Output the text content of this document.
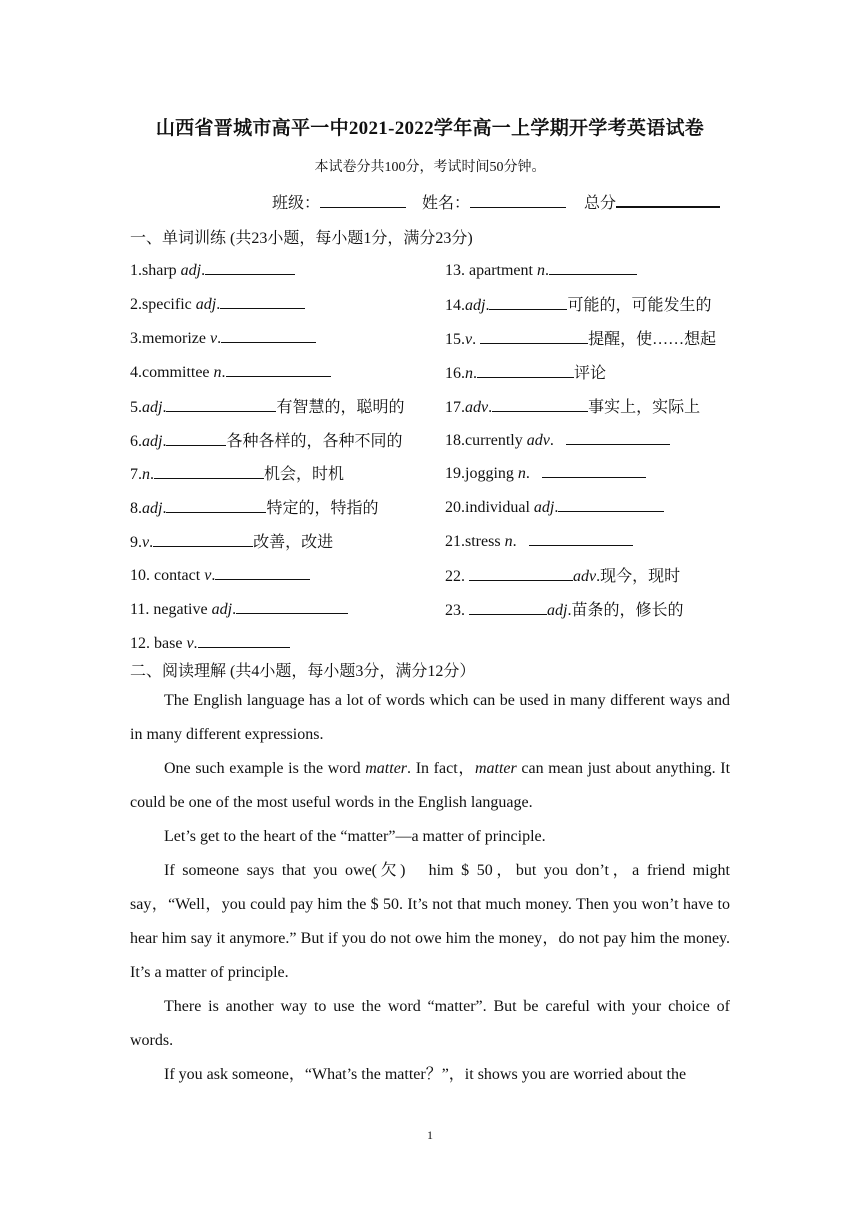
山西省晋城市高平一中2021-2022学年高一上学期开学考英语试卷
本试卷分共100分，考试时间50分钟。
班级：	姓名：	总分
一、单词训练 (共23小题，每小题1分，满分23分)
1.sharp adj.
2.specific adj.
3.memorize v.
4.committee n.
5.adj.	有智慧的，聪明的
6.adj.	各种各样的，各种不同的
7.n.	机会，时机
8.adj.	特定的，特指的
9.v.	改善，改进
10. contact v.
11. negative adj.
12. base v.
13. apartment n.
14.adj.	可能的，可能发生的
15.v.	提醒，使……想起
16.n.	评论
17.adv.	事实上，实际上
18.currently adv.
19.jogging n.
20.individual adj.
21.stress n.
22.	adv.现今，现时
23.	adj.苗条的，修长的
二、阅读理解 (共4小题，每小题3分，满分12分）
The English language has a lot of words which can be used in many different ways and in many different expressions.
One such example is the word matter. In fact，matter can mean just about anything. It could be one of the most useful words in the English language.
Let’s get to the heart of the “matter”—a matter of principle.
If someone says that you owe(欠)　him $ 50，but you don’t，a friend might say，“Well，you could pay him the $ 50. It’s not that much money. Then you won’t have to hear him say it anymore.” But if you do not owe him the money，do not pay him the money. It’s a matter of principle.
There is another way to use the word “matter”. But be careful with your choice of words.
If you ask someone，“What’s the matter？”，it shows you are worried about the
1
